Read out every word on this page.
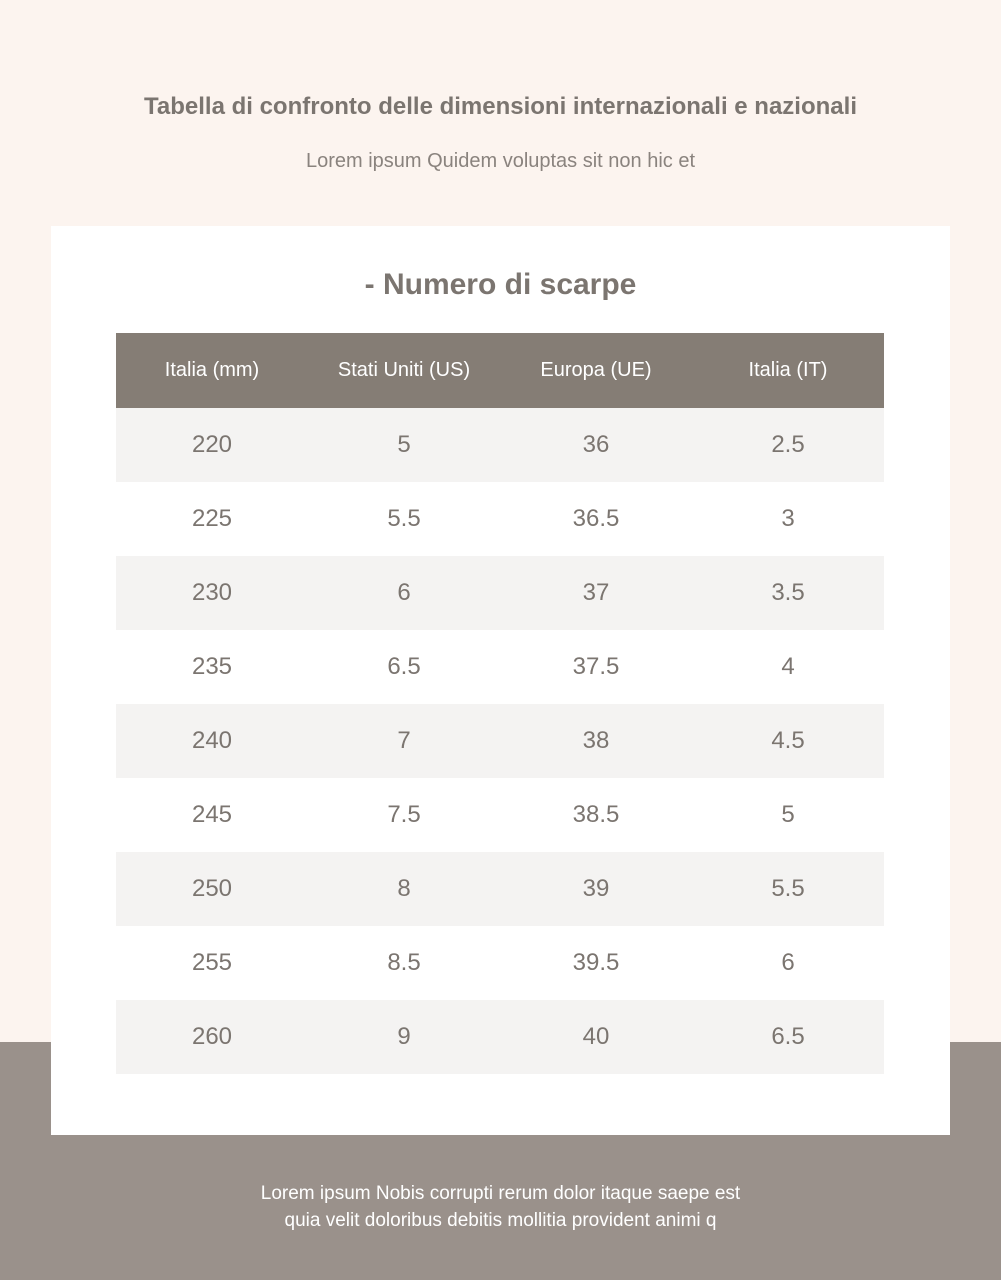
Tabella di confronto delle dimensioni internazionali e nazionali

Lorem ipsum Quidem voluptas sit non hic et

- Numero di scarpe
Italia (mm)	Stati Uniti (US)	Europa (UE)	Italia (IT)
220	5	36	2.5
225	5.5	36.5	3
230	6	37	3.5
235	6.5	37.5	4
240	7	38	4.5
245	7.5	38.5	5
250	8	39	5.5
255	8.5	39.5	6
260	9	40	6.5
Lorem ipsum Nobis corrupti rerum dolor itaque saepe est
quia velit doloribus debitis mollitia provident animi q
